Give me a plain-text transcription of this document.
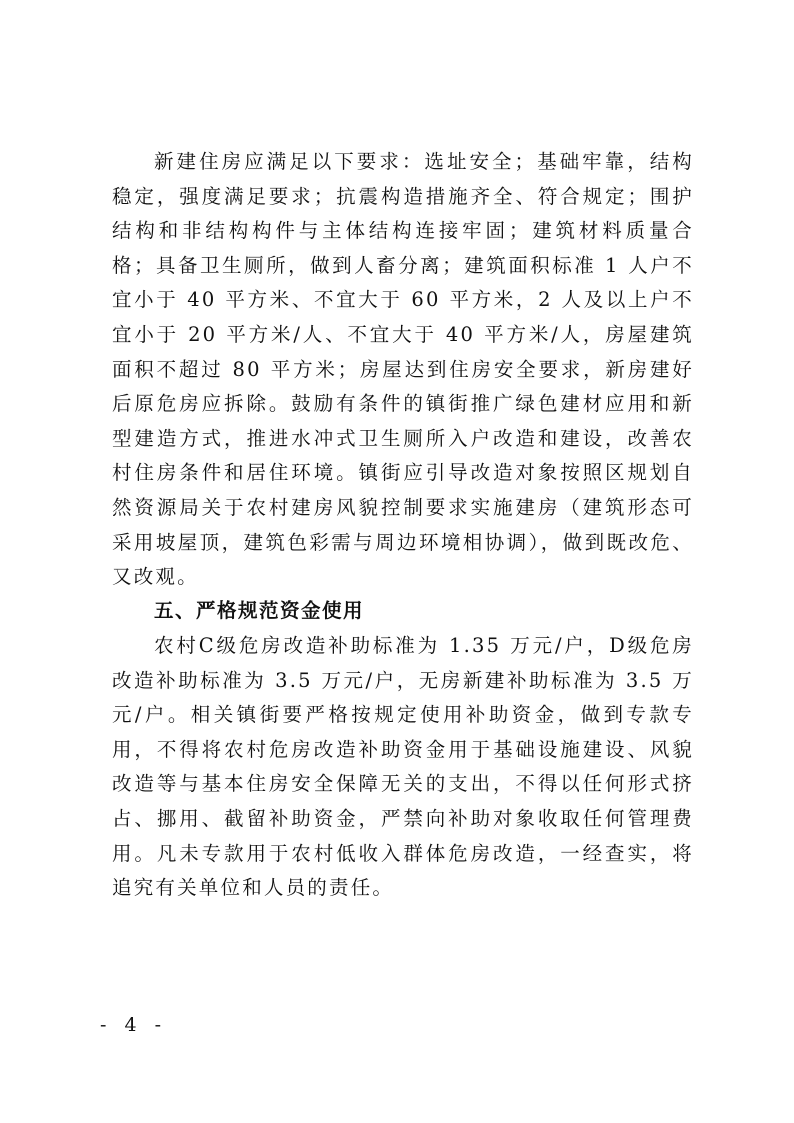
新建住房应满足以下要求：选址安全；基础牢靠，结构稳定，强度满足要求；抗震构造措施齐全、符合规定；围护结构和非结构构件与主体结构连接牢固；建筑材料质量合格；具备卫生厕所，做到人畜分离；建筑面积标准 1 人户不宜小于 40 平方米、不宜大于 60 平方米，2 人及以上户不宜小于 20 平方米/人、不宜大于 40 平方米/人，房屋建筑面积不超过 80 平方米；房屋达到住房安全要求，新房建好后原危房应拆除。鼓励有条件的镇街推广绿色建材应用和新型建造方式，推进水冲式卫生厕所入户改造和建设，改善农村住房条件和居住环境。镇街应引导改造对象按照区规划自然资源局关于农村建房风貌控制要求实施建房（建筑形态可采用坡屋顶，建筑色彩需与周边环境相协调），做到既改危、又改观。

五、严格规范资金使用

农村C级危房改造补助标准为 1.35 万元/户，D级危房改造补助标准为 3.5 万元/户，无房新建补助标准为 3.5 万元/户。相关镇街要严格按规定使用补助资金，做到专款专用，不得将农村危房改造补助资金用于基础设施建设、风貌改造等与基本住房安全保障无关的支出，不得以任何形式挤占、挪用、截留补助资金，严禁向补助对象收取任何管理费用。凡未专款用于农村低收入群体危房改造，一经查实，将追究有关单位和人员的责任。

- 4 -
